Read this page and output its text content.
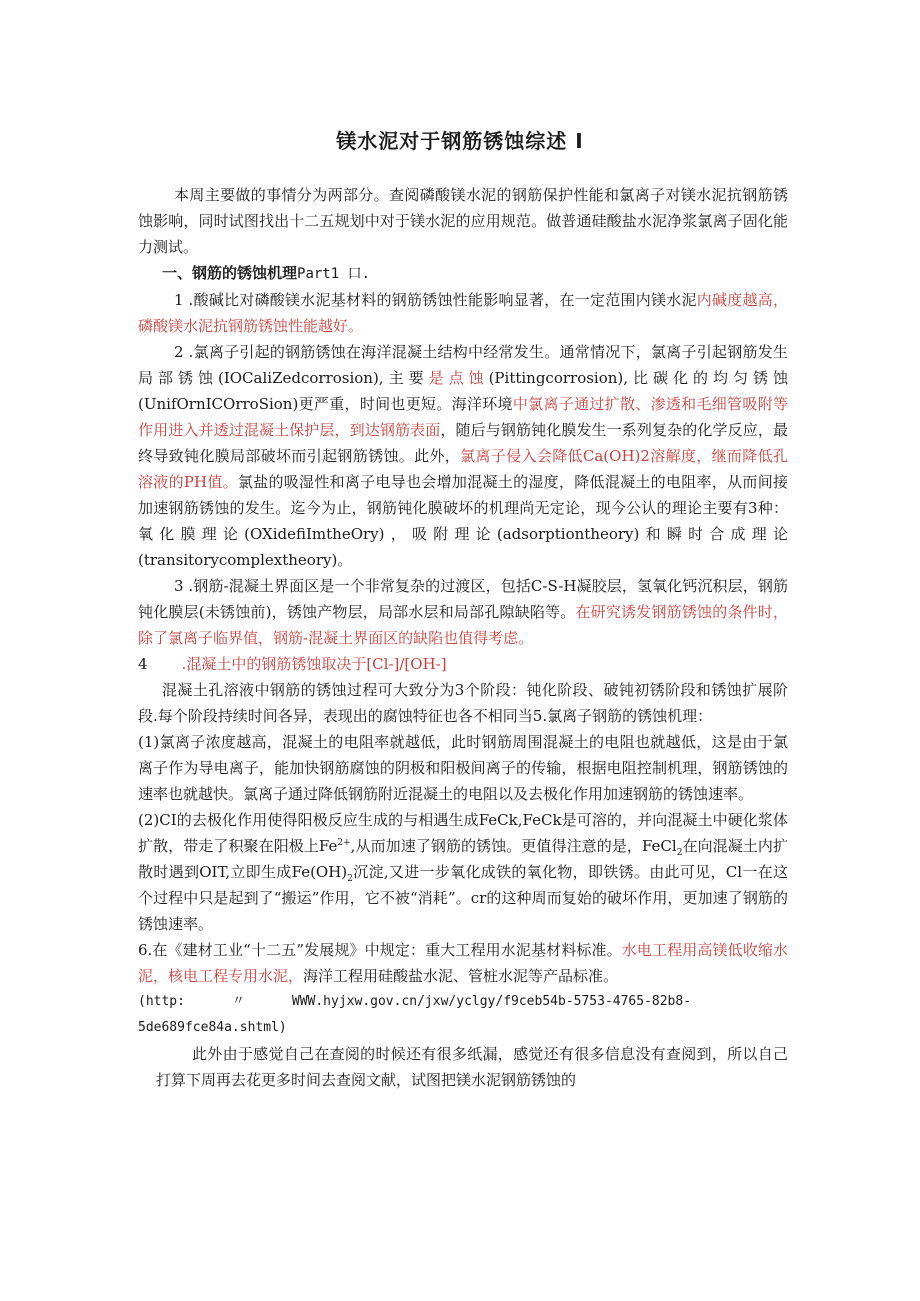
镁水泥对于钢筋锈蚀综述 I

本周主要做的事情分为两部分。查阅磷酸镁水泥的钢筋保护性能和氯离子对镁水泥抗钢筋锈蚀影响，同时试图找出十二五规划中对于镁水泥的应用规范。做普通硅酸盐水泥净浆氯离子固化能力测试。

一、钢筋的锈蚀机理Part1 口.

1 .酸碱比对磷酸镁水泥基材料的钢筋锈蚀性能影响显著，在一定范围内镁水泥内碱度越高，磷酸镁水泥抗钢筋锈蚀性能越好。

2 .氯离子引起的钢筋锈蚀在海洋混凝土结构中经常发生。通常情况下，氯离子引起钢筋发生局部锈蚀(IOCaliZedcorrosion),主要是点蚀(Pittingcorrosion),比碳化的均匀锈蚀(UnifOrnICOrroSion)更严重，时间也更短。海洋环境中氯离子通过扩散、渗透和毛细管吸附等作用进入并透过混凝土保护层，到达钢筋表面，随后与钢筋钝化膜发生一系列复杂的化学反应，最终导致钝化膜局部破坏而引起钢筋锈蚀。此外，氯离子侵入会降低Ca(OH)2溶解度，继而降低孔溶液的PH值。氯盐的吸湿性和离子电导也会增加混凝土的湿度，降低混凝土的电阻率，从而间接加速钢筋锈蚀的发生。迄今为止，钢筋钝化膜破坏的机理尚无定论，现今公认的理论主要有3种：氧化膜理论(OXidefiImtheOry)，吸附理论(adsorptiontheory)和瞬时合成理论(transitorycomplextheory)。

3 .钢筋-混凝土界面区是一个非常复杂的过渡区，包括C-S-H凝胶层，氢氧化钙沉积层，钢筋钝化膜层(未锈蚀前)，锈蚀产物层，局部水层和局部孔隙缺陷等。在研究诱发钢筋锈蚀的条件时，除了氯离子临界值，钢筋-混凝土界面区的缺陷也值得考虑。

4 .混凝土中的钢筋锈蚀取决于[Cl-]/[OH-]

混凝土孔溶液中钢筋的锈蚀过程可大致分为3个阶段：钝化阶段、破钝初锈阶段和锈蚀扩展阶段.每个阶段持续时间各异，表现出的腐蚀特征也各不相同当5.氯离子钢筋的锈蚀机理：

(1)氯离子浓度越高，混凝土的电阻率就越低，此时钢筋周围混凝土的电阻也就越低，这是由于氯离子作为导电离子，能加快钢筋腐蚀的阴极和阳极间离子的传输，根据电阻控制机理，钢筋锈蚀的速率也就越快。氯离子通过降低钢筋附近混凝土的电阻以及去极化作用加速钢筋的锈蚀速率。

(2)CI的去极化作用使得阳极反应生成的与相遇生成FeCk,FeCk是可溶的，并向混凝土中硬化浆体扩散，带走了积聚在阳极上$Fe^{2+}$,从而加速了钢筋的锈蚀。更值得注意的是，FeCl$_2$在向混凝土内扩散时遇到OIT,立即生成$Fe(OH)_2$沉淀,又进一步氧化成铁的氧化物，即铁锈。由此可见，Cl一在这个过程中只是起到了“搬运”作用，它不被“消耗”。cr的这种周而复始的破坏作用，更加速了钢筋的锈蚀速率。

6.在《建材工业“十二五”发展规》中规定：重大工程用水泥基材料标准。水电工程用高镁低收缩水泥，核电工程专用水泥，海洋工程用硅酸盐水泥、管桩水泥等产品标准。

(http:      〃      WWW.hyjxw.gov.cn/jxw/yclgy/f9ceb54b-5753-4765-82b8-

5de689fce84a.shtml)

此外由于感觉自己在查阅的时候还有很多纸漏，感觉还有很多信息没有查阅到，所以自己打算下周再去花更多时间去查阅文献，试图把镁水泥钢筋锈蚀的
